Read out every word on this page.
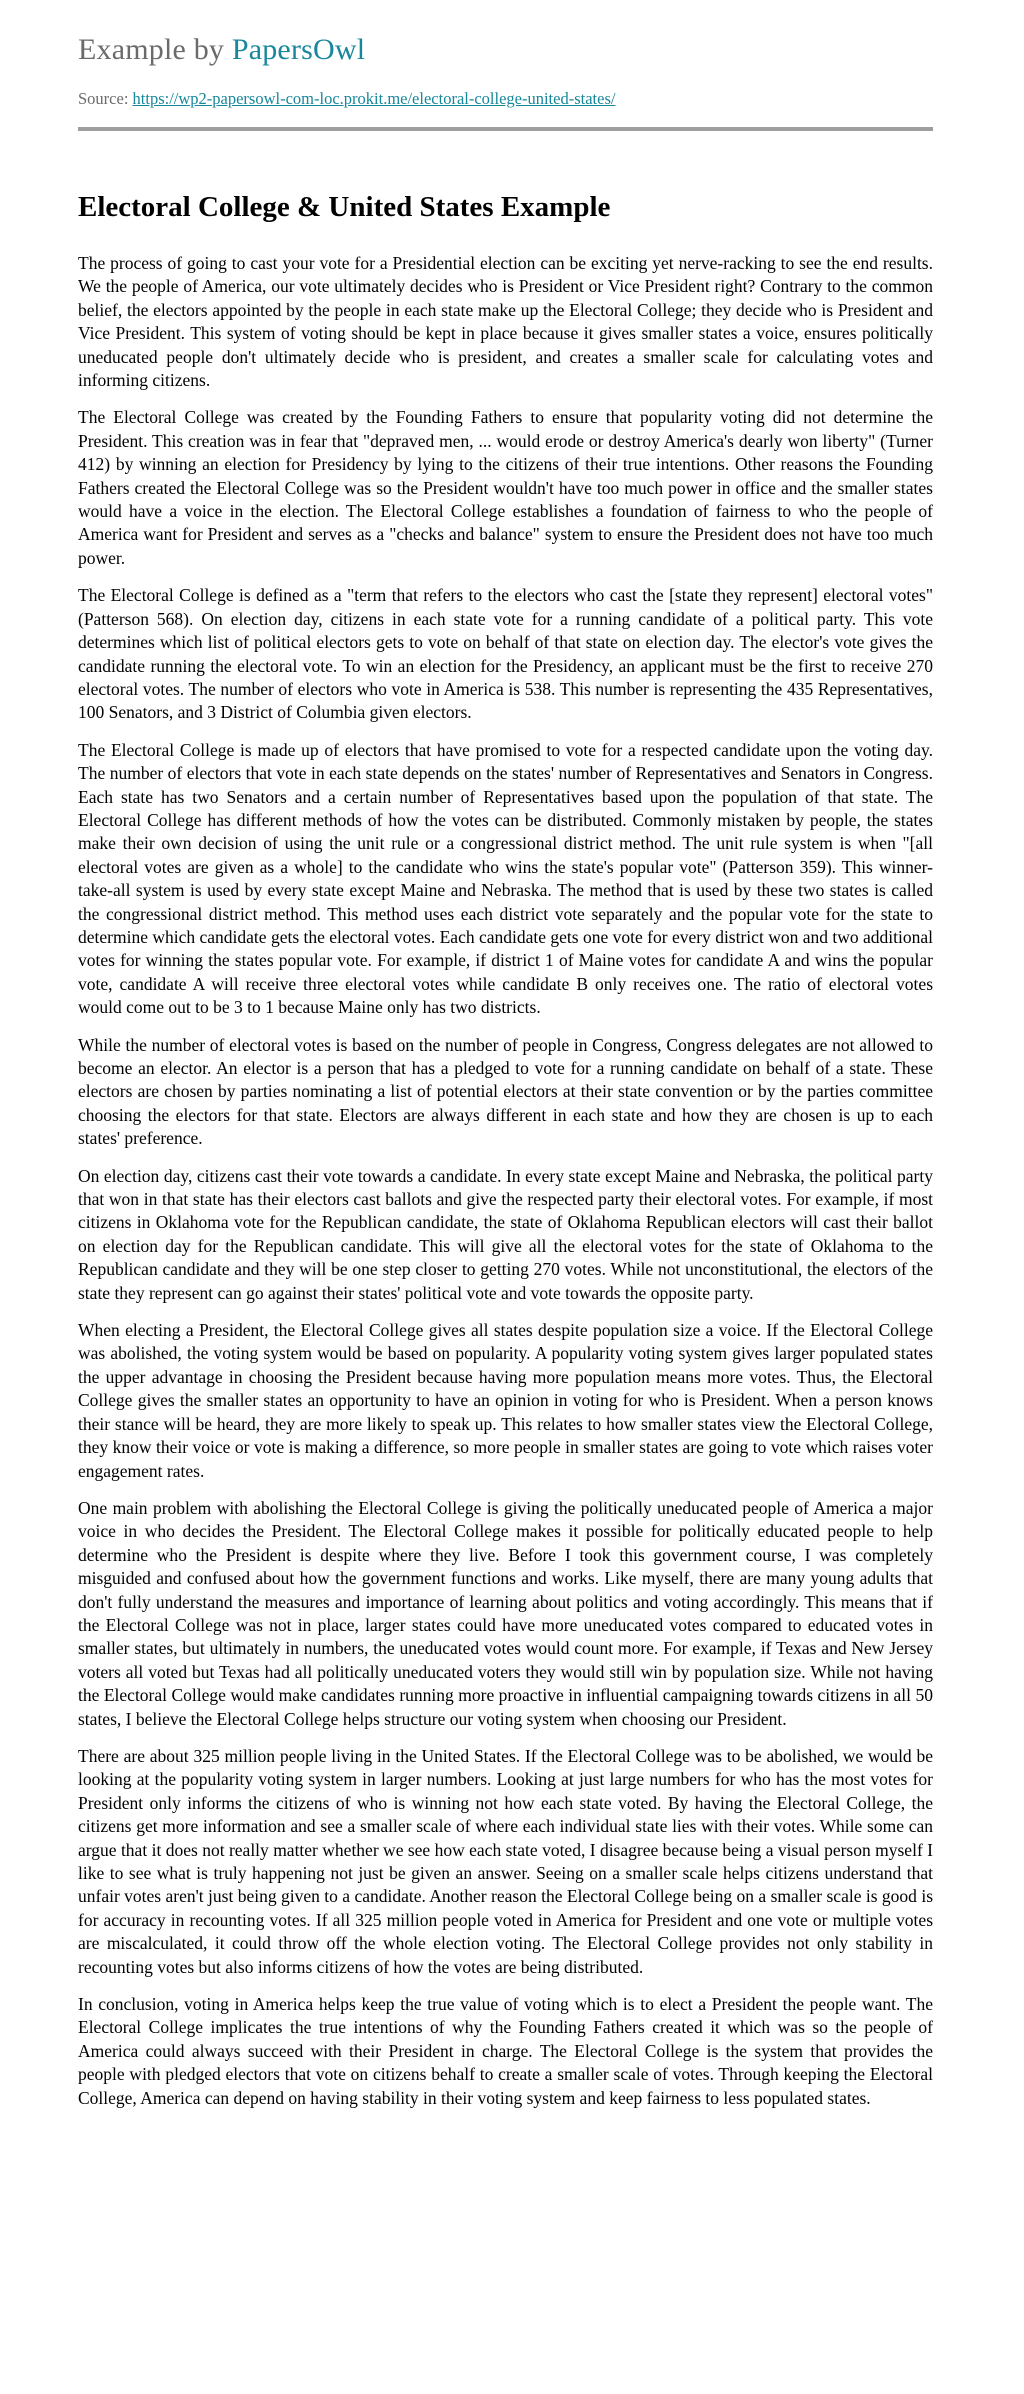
Example by PapersOwl
Source: https://wp2-papersowl-com-loc.prokit.me/electoral-college-united-states/
Electoral College & United States Example

The process of going to cast your vote for a Presidential election can be exciting yet nerve-racking to see the end results. We the people of America, our vote ultimately decides who is President or Vice President right? Contrary to the common belief, the electors appointed by the people in each state make up the Electoral College; they decide who is President and Vice President. This system of voting should be kept in place because it gives smaller states a voice, ensures politically uneducated people don't ultimately decide who is president, and creates a smaller scale for calculating votes and informing citizens.

The Electoral College was created by the Founding Fathers to ensure that popularity voting did not determine the President. This creation was in fear that "depraved men, ... would erode or destroy America's dearly won liberty" (Turner 412) by winning an election for Presidency by lying to the citizens of their true intentions. Other reasons the Founding Fathers created the Electoral College was so the President wouldn't have too much power in office and the smaller states would have a voice in the election. The Electoral College establishes a foundation of fairness to who the people of America want for President and serves as a "checks and balance" system to ensure the President does not have too much power.

The Electoral College is defined as a "term that refers to the electors who cast the [state they represent] electoral votes" (Patterson 568). On election day, citizens in each state vote for a running candidate of a political party. This vote determines which list of political electors gets to vote on behalf of that state on election day. The elector's vote gives the candidate running the electoral vote. To win an election for the Presidency, an applicant must be the first to receive 270 electoral votes. The number of electors who vote in America is 538. This number is representing the 435 Representatives, 100 Senators, and 3 District of Columbia given electors.

The Electoral College is made up of electors that have promised to vote for a respected candidate upon the voting day. The number of electors that vote in each state depends on the states' number of Representatives and Senators in Congress. Each state has two Senators and a certain number of Representatives based upon the population of that state. The Electoral College has different methods of how the votes can be distributed. Commonly mistaken by people, the states make their own decision of using the unit rule or a congressional district method. The unit rule system is when "[all electoral votes are given as a whole] to the candidate who wins the state's popular vote" (Patterson 359). This winner-take-all system is used by every state except Maine and Nebraska. The method that is used by these two states is called the congressional district method. This method uses each district vote separately and the popular vote for the state to determine which candidate gets the electoral votes. Each candidate gets one vote for every district won and two additional votes for winning the states popular vote. For example, if district 1 of Maine votes for candidate A and wins the popular vote, candidate A will receive three electoral votes while candidate B only receives one. The ratio of electoral votes would come out to be 3 to 1 because Maine only has two districts.

While the number of electoral votes is based on the number of people in Congress, Congress delegates are not allowed to become an elector. An elector is a person that has a pledged to vote for a running candidate on behalf of a state. These electors are chosen by parties nominating a list of potential electors at their state convention or by the parties committee choosing the electors for that state. Electors are always different in each state and how they are chosen is up to each states' preference.

On election day, citizens cast their vote towards a candidate. In every state except Maine and Nebraska, the political party that won in that state has their electors cast ballots and give the respected party their electoral votes. For example, if most citizens in Oklahoma vote for the Republican candidate, the state of Oklahoma Republican electors will cast their ballot on election day for the Republican candidate. This will give all the electoral votes for the state of Oklahoma to the Republican candidate and they will be one step closer to getting 270 votes. While not unconstitutional, the electors of the state they represent can go against their states' political vote and vote towards the opposite party.

When electing a President, the Electoral College gives all states despite population size a voice. If the Electoral College was abolished, the voting system would be based on popularity. A popularity voting system gives larger populated states the upper advantage in choosing the President because having more population means more votes. Thus, the Electoral College gives the smaller states an opportunity to have an opinion in voting for who is President. When a person knows their stance will be heard, they are more likely to speak up. This relates to how smaller states view the Electoral College, they know their voice or vote is making a difference, so more people in smaller states are going to vote which raises voter engagement rates.

One main problem with abolishing the Electoral College is giving the politically uneducated people of America a major voice in who decides the President. The Electoral College makes it possible for politically educated people to help determine who the President is despite where they live. Before I took this government course, I was completely misguided and confused about how the government functions and works. Like myself, there are many young adults that don't fully understand the measures and importance of learning about politics and voting accordingly. This means that if the Electoral College was not in place, larger states could have more uneducated votes compared to educated votes in smaller states, but ultimately in numbers, the uneducated votes would count more. For example, if Texas and New Jersey voters all voted but Texas had all politically uneducated voters they would still win by population size. While not having the Electoral College would make candidates running more proactive in influential campaigning towards citizens in all 50 states, I believe the Electoral College helps structure our voting system when choosing our President.

There are about 325 million people living in the United States. If the Electoral College was to be abolished, we would be looking at the popularity voting system in larger numbers. Looking at just large numbers for who has the most votes for President only informs the citizens of who is winning not how each state voted. By having the Electoral College, the citizens get more information and see a smaller scale of where each individual state lies with their votes. While some can argue that it does not really matter whether we see how each state voted, I disagree because being a visual person myself I like to see what is truly happening not just be given an answer. Seeing on a smaller scale helps citizens understand that unfair votes aren't just being given to a candidate. Another reason the Electoral College being on a smaller scale is good is for accuracy in recounting votes. If all 325 million people voted in America for President and one vote or multiple votes are miscalculated, it could throw off the whole election voting. The Electoral College provides not only stability in recounting votes but also informs citizens of how the votes are being distributed.

In conclusion, voting in America helps keep the true value of voting which is to elect a President the people want. The Electoral College implicates the true intentions of why the Founding Fathers created it which was so the people of America could always succeed with their President in charge. The Electoral College is the system that provides the people with pledged electors that vote on citizens behalf to create a smaller scale of votes. Through keeping the Electoral College, America can depend on having stability in their voting system and keep fairness to less populated states.
